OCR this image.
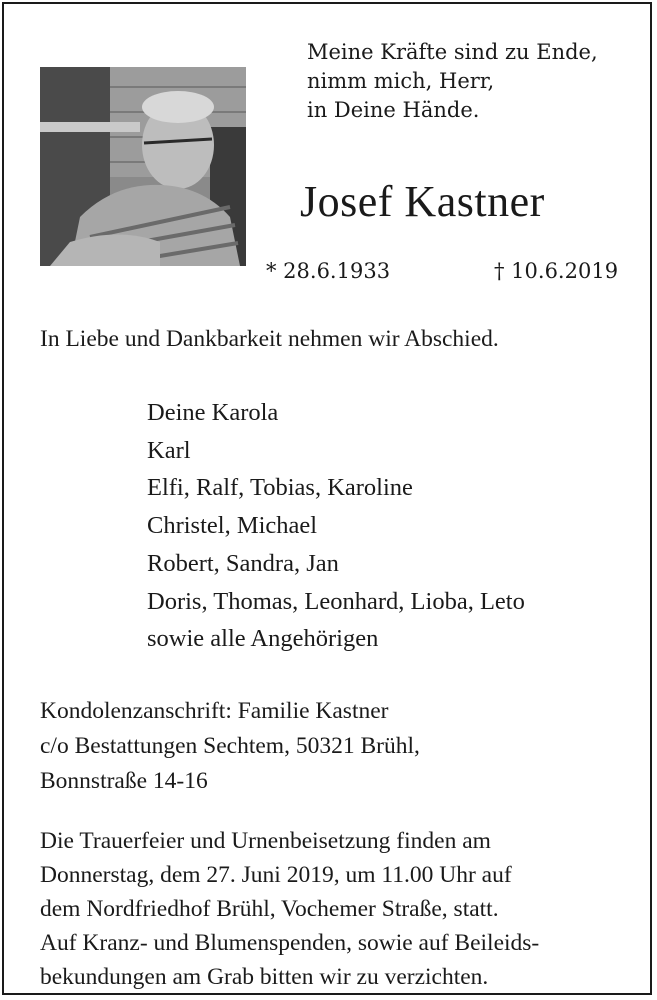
Meine Kräfte sind zu Ende,
nimm mich, Herr,
in Deine Hände.
Josef Kastner
* 28.6.1933	† 10.6.2019
In Liebe und Dankbarkeit nehmen wir Abschied.
Deine Karola
Karl
Elfi, Ralf, Tobias, Karoline
Christel, Michael
Robert, Sandra, Jan
Doris, Thomas, Leonhard, Lioba, Leto
sowie alle Angehörigen
Kondolenzanschrift: Familie Kastner
c/o Bestattungen Sechtem, 50321 Brühl,
Bonnstraße 14-16
Die Trauerfeier und Urnenbeisetzung finden am
Donnerstag, dem 27. Juni 2019, um 11.00 Uhr auf
dem Nordfriedhof Brühl, Vochemer Straße, statt.
Auf Kranz- und Blumenspenden, sowie auf Beileids-
bekundungen am Grab bitten wir zu verzichten.
